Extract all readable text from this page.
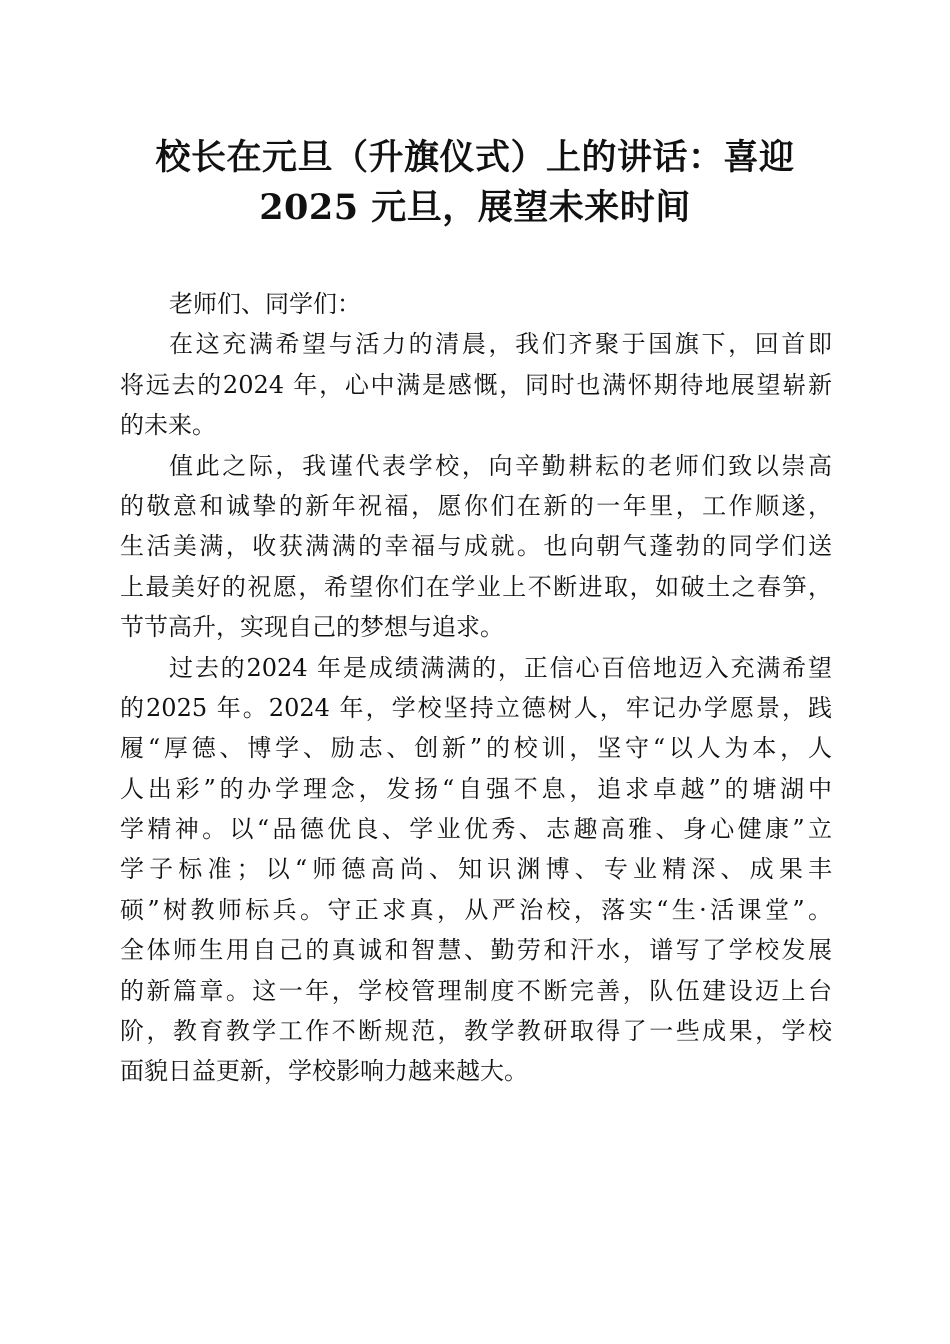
校长在元旦（升旗仪式）上的讲话：喜迎
2025 元旦，展望未来时间
老师们、同学们：
在这充满希望与活力的清晨，我们齐聚于国旗下，回首即
将远去的2024 年，心中满是感慨，同时也满怀期待地展望崭新
的未来。
值此之际，我谨代表学校，向辛勤耕耘的老师们致以崇高
的敬意和诚挚的新年祝福，愿你们在新的一年里，工作顺遂，
生活美满，收获满满的幸福与成就。也向朝气蓬勃的同学们送
上最美好的祝愿，希望你们在学业上不断进取，如破土之春笋，
节节高升，实现自己的梦想与追求。
过去的2024 年是成绩满满的，正信心百倍地迈入充满希望
的2025 年。2024 年，学校坚持立德树人，牢记办学愿景，践
履“厚德、博学、励志、创新”的校训，坚守“以人为本，人
人出彩”的办学理念，发扬“自强不息，追求卓越”的塘湖中
学精神。以“品德优良、学业优秀、志趣高雅、身心健康”立
学子标准；以“师德高尚、知识渊博、专业精深、成果丰
硕”树教师标兵。守正求真，从严治校，落实“生·活课堂”。
全体师生用自己的真诚和智慧、勤劳和汗水，谱写了学校发展
的新篇章。这一年，学校管理制度不断完善，队伍建设迈上台
阶，教育教学工作不断规范，教学教研取得了一些成果，学校
面貌日益更新，学校影响力越来越大。
